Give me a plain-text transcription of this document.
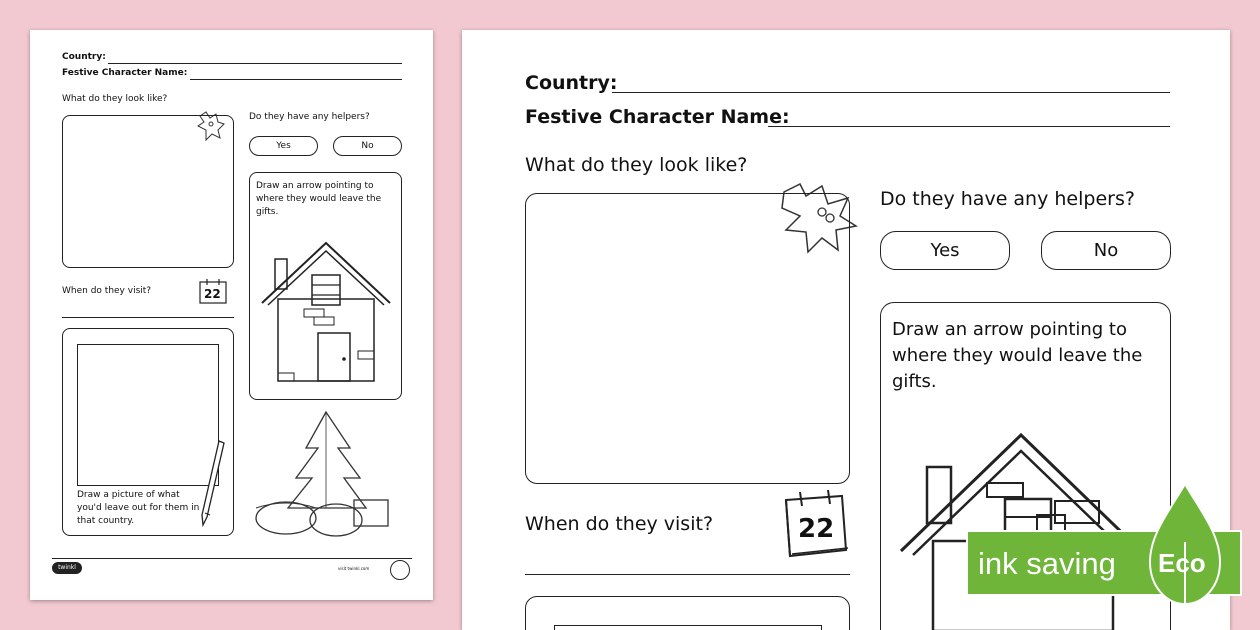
Country:
Festive Character Name:
What do they look like?
Do they have any helpers?
Yes	No
Draw an arrow pointing to where they would leave the gifts.
When do they visit?	22
Draw a picture of what you'd leave out for them in that country.
twinkl	visit twinkl.com
Country:
Festive Character Name:
What do they look like?
Do they have any helpers?
Yes	No
Draw an arrow pointing to where they would leave the gifts.
When do they visit?	22
ink saving Eco
